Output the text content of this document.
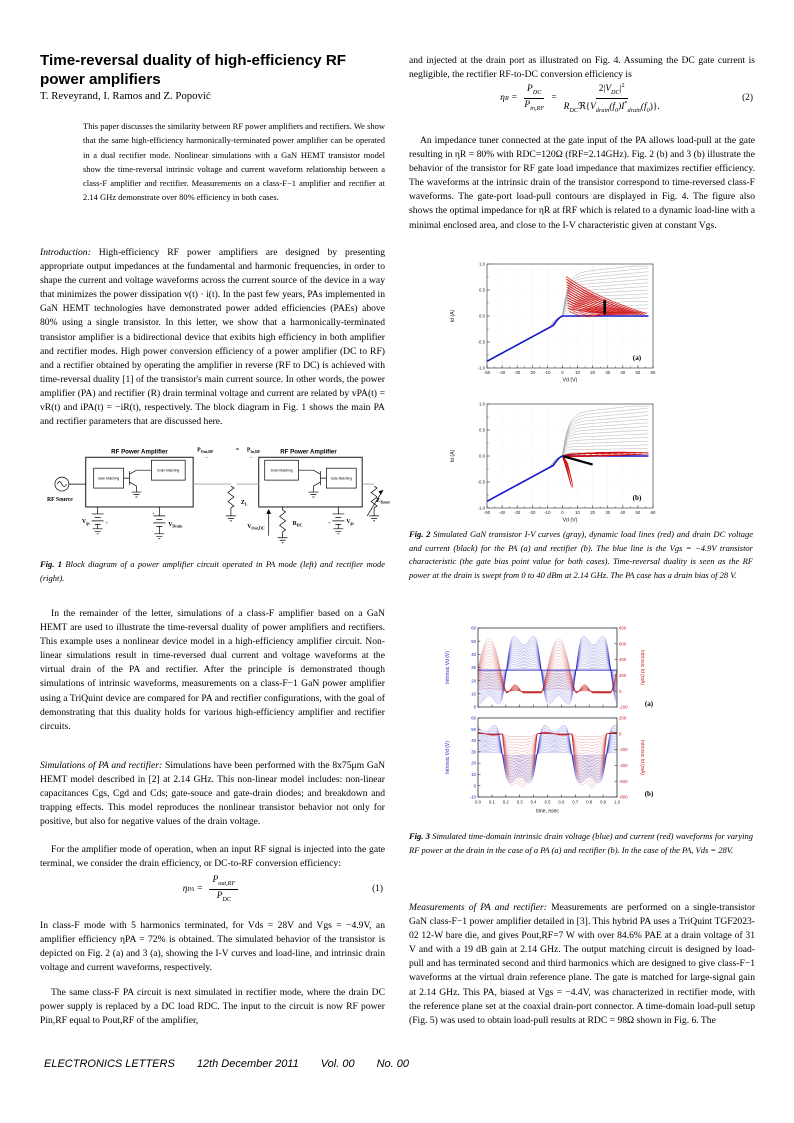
Time-reversal duality of high-efficiency RF power amplifiers
T. Reveyrand, I. Ramos and Z. Popović
This paper discusses the similarity between RF power amplifiers and rectifiers. We show that the same high-efficiency harmonically-terminated power amplifier can be operated in a dual rectifier mode. Nonlinear simulations with a GaN HEMT transistor model show the time-reversal intrinsic voltage and current waveform relationship between a class-F amplifier and rectifier. Measurements on a class-F−1 amplifier and rectifier at 2.14 GHz demonstrate over 80% efficiency in both cases.

Introduction: High-efficiency RF power amplifiers are designed by presenting appropriate output impedances at the fundamental and harmonic frequencies, in order to shape the current and voltage waveforms across the current source of the device in a way that minimizes the power dissipation v(t) · i(t). In the past few years, PAs implemented in GaN HEMT technologies have demonstrated power added efficiencies (PAEs) above 80% using a single transistor. In this letter, we show that a harmonically-terminated transistor amplifier is a bidirectional device that exibits high efficiency in both amplifier and rectifier modes. High power conversion efficiency of a power amplifier (DC to RF) and a rectifier obtained by operating the amplifier in reverse (RF to DC) is achieved with time-reversal duality [1] of the transistor's main current source. In other words, the power amplifier (PA) and rectifier (R) drain terminal voltage and current are related by vPA(t) = vR(t) and iPA(t) = −iR(t), respectively. The block diagram in Fig. 1 shows the main PA and rectifier parameters that are discussed here.

RF Power Amplifier
Gate Matching
Drain Matching
RF Source
+
$V_{gs}$
+
-
$V_{Drain}$
$Z_L$
$P_{Out,RF}$
⇔
= $P_{In,RF}$
⇔
RF Power Amplifier
Drain Matching
Gate Matching
$V_{Out,DC}$
$R_{DC}$	+	$V_{gs}$
$Z_{Tuner}$
Fig. 1 Block diagram of a power amplifier circuit operated in PA mode (left) and rectifier mode (right).

In the remainder of the letter, simulations of a class-F amplifier based on a GaN HEMT are used to illustrate the time-reversal duality of power amplifiers and rectifiers. This example uses a nonlinear device model in a high-efficiency amplifier circuit. Non-linear simulations result in time-reversed dual current and voltage waveforms at the virtual drain of the PA and rectifier. After the principle is demonstrated though simulations of intrinsic waveforms, measurements on a class-F−1 GaN power amplifier using a TriQuint device are compared for PA and rectifier configurations, with the goal of demonstrating that this duality holds for various high-efficiency amplifier and rectifier circuits.

Simulations of PA and rectifier: Simulations have been performed with the 8x75μm GaN HEMT model described in [2] at 2.14 GHz. This non-linear model includes: non-linear capacitances Cgs, Cgd and Cds; gate-souce and gate-drain diodes; and breakdown and trapping effects. This model reproduces the nonlinear transistor behavior not only for positive, but also for negative values of the drain voltage.

For the amplifier mode of operation, when an input RF signal is injected into the gate terminal, we consider the drain efficiency, or DC-to-RF conversion efficiency:

η PA = $\frac{P_{out,RF}}{P_{DC}}$	(1)

In class-F mode with 5 harmonics terminated, for Vds = 28V and Vgs = −4.9V, an amplifier efficiency ηPA = 72% is obtained. The simulated behavior of the transistor is depicted on Fig. 2 (a) and 3 (a), showing the I-V curves and load-line, and intrinsic drain voltage and current waveforms, respectively.

The same class-F PA circuit is next simulated in rectifier mode, where the drain DC power supply is replaced by a DC load RDC. The input to the circuit is now RF power Pin,RF equal to Pout,RF of the amplifier,

and injected at the drain port as illustrated on Fig. 4. Assuming the DC gate current is negligible, the rectifier RF-to-DC conversion efficiency is

η $R = \frac{P_{DC}}{P_{in,RF}} = \frac{2|V_{DC}|^2}{R_{DC}ℜ\{V_{drain}(f_0)I^*_{drain}(f_0)\}.}$	(2)

An impedance tuner connected at the gate input of the PA allows load-pull at the gate resulting in ηR = 80% with RDC=120Ω (fRF=2.14GHz). Fig. 2 (b) and 3 (b) illustrate the behavior of the transistor for RF gate load impedance that maximizes rectifier efficiency. The waveforms at the intrinsic drain of the transistor correspond to time-reversed class-F waveforms. The gate-port load-pull contours are displayed in Fig. 4. The figure also shows the optimal impedance for ηR at fRF which is related to a dynamic load-line with a minimal enclosed area, and close to the I-V characteristic given at constant Vgs.

-50 -40 -30 -20 -10	0	10 20 30 40 50 60
1.0
0.5
0.0
-0.5
-1.0
Vd (V)
Id (A)
(a)
-50 -40 -30 -20 -10	0	10 20 30 40 50 60
1.0
0.5
0.0
-0.5
-1.0
Vd (V)
Id (A)
(b)
Fig. 2 Simulated GaN transistor I-V curves (gray), dynamic load lines (red) and drain DC voltage and current (black) for the PA (a) and rectifier (b). The blue line is the Vgs = −4.9V transistor characteristic (the gate bias point value for both cases). Time-reversal duality is seen as the RF power at the drain is swept from 0 to 40 dBm at 2.14 GHz. The PA case has a drain bias of 28 V.
0
10
20
30
40
50
60
-200
0
200
400
600
800
Intrinsic Vd (V)	Intrinsic Id (mA)
(a)
-10
0
10
20
30
40
50
60
-800
-600
-400
-200
0
200
0.0 0.1 0.2 0.3 0.4 0.5 0.6 0.7 0.8 0.9 1.0
Intrinsic Vd (V)	Intrinsic Id (mA)
time, nsec
(b)
Fig. 3 Simulated time-domain intrinsic drain voltage (blue) and current (red) waveforms for varying RF power at the drain in the case of a PA (a) and rectifier (b). In the case of the PA, Vds = 28V.

Measurements of PA and rectifier: Measurements are performed on a single-transistor GaN class-F−1 power amplifier detailed in [3]. This hybrid PA uses a TriQuint TGF2023-02 12-W bare die, and gives Pout,RF=7 W with over 84.6% PAE at a drain voltage of 31 V and with a 19 dB gain at 2.14 GHz. The output matching circuit is designed by load-pull and has terminated second and third harmonics which are designed to give class-F−1 waveforms at the virtual drain reference plane. The gate is matched for large-signal gain at 2.14 GHz. This PA, biased at Vgs = −4.4V, was characterized in rectifier mode, with the reference plane set at the coaxial drain-port connector. A time-domain load-pull setup (Fig. 5) was used to obtain load-pull results at RDC = 98Ω shown in Fig. 6. The

ELECTRONICS LETTERS 12th December 2011 Vol. 00 No. 00
